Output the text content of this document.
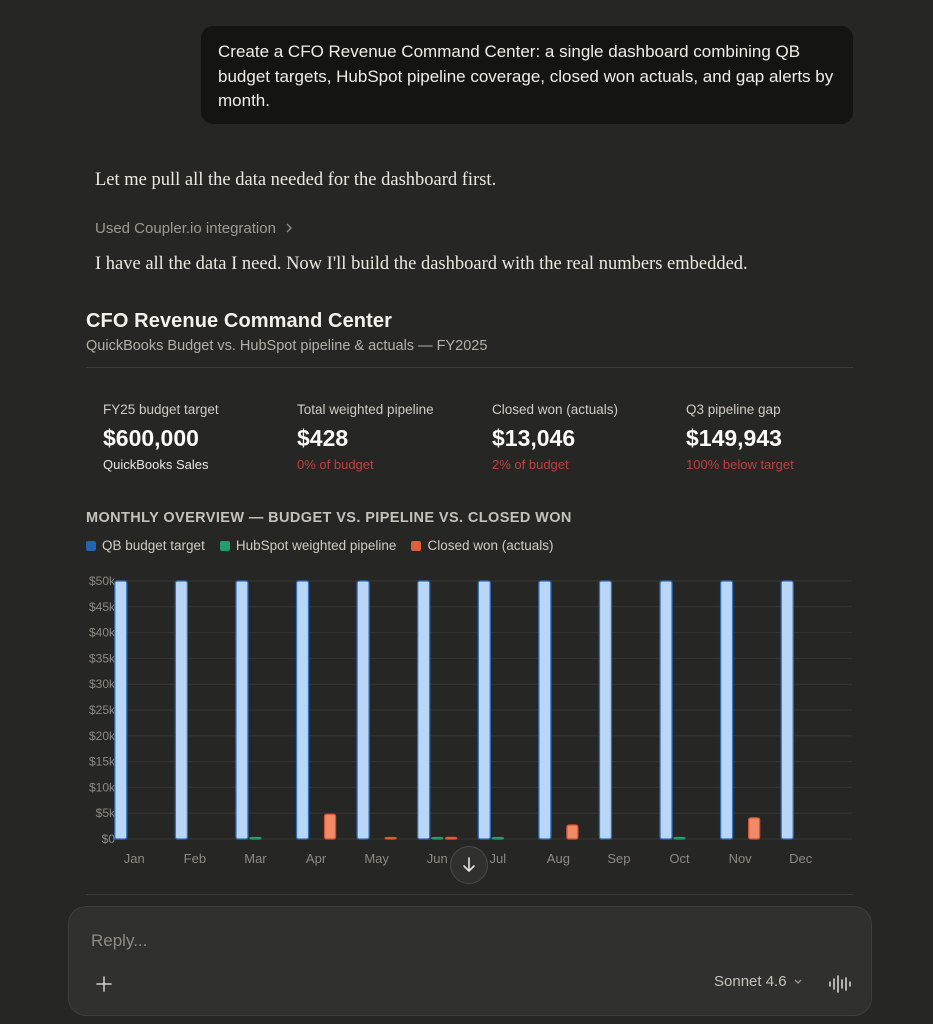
Create a CFO Revenue Command Center: a single dashboard combining QB budget targets, HubSpot pipeline coverage, closed won actuals, and gap alerts by month.
Let me pull all the data needed for the dashboard first.
Used Coupler.io integration
I have all the data I need. Now I'll build the dashboard with the real numbers embedded.
CFO Revenue Command Center
QuickBooks Budget vs. HubSpot pipeline & actuals — FY2025
FY25 budget target
$600,000
QuickBooks Sales
Total weighted pipeline
$428
0% of budget
Closed won (actuals)
$13,046
2% of budget
Q3 pipeline gap
$149,943
100% below target
MONTHLY OVERVIEW — BUDGET VS. PIPELINE VS. CLOSED WON
QB budget target HubSpot weighted pipeline Closed won (actuals)
$0
$5k
$10k
$15k
$20k
$25k
$30k
$35k
$40k
$45k
$50k
Jan	Feb	Mar	Apr	May	Jun	Jul	Aug	Sep	Oct	Nov	Dec
Reply...
Sonnet 4.6
